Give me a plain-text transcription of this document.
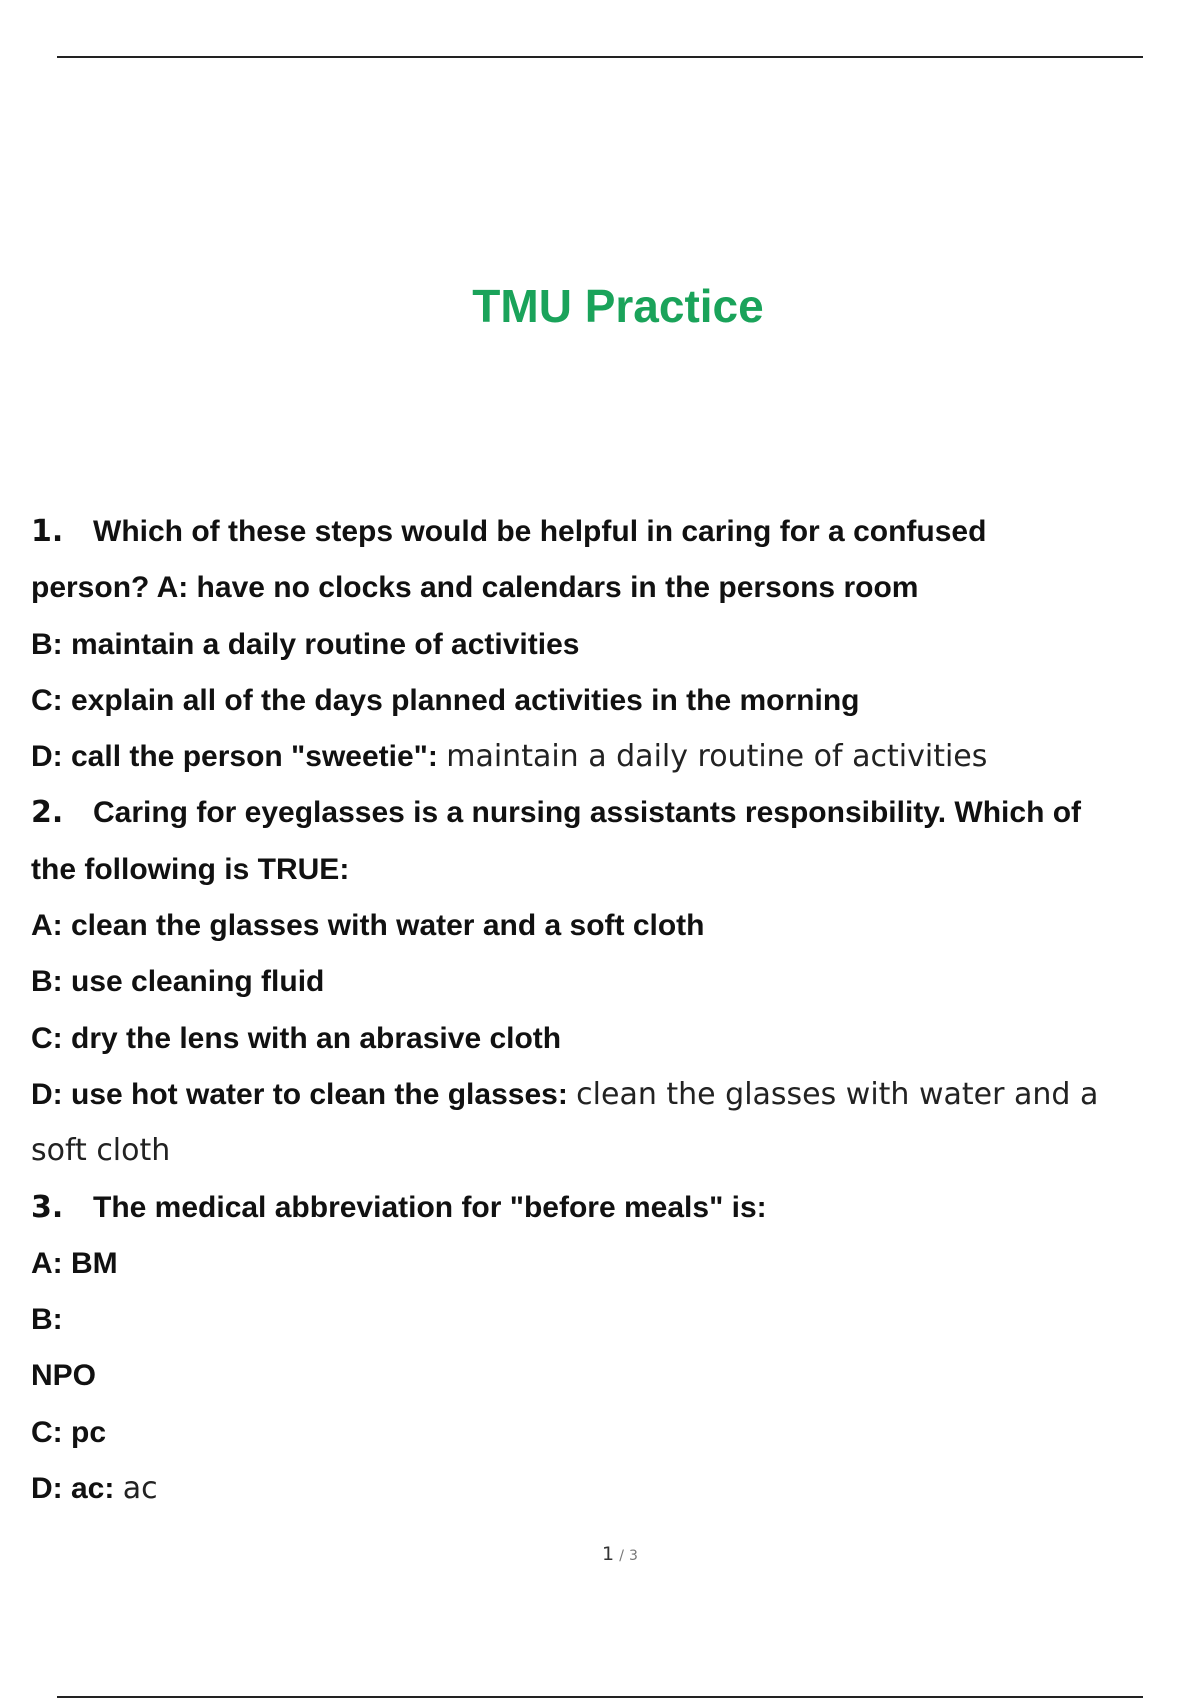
TMU Practice
1. Which of these steps would be helpful in caring for a confused
person? A: have no clocks and calendars in the persons room
B: maintain a daily routine of activities
C: explain all of the days planned activities in the morning
D: call the person "sweetie": maintain a daily routine of activities
2. Caring for eyeglasses is a nursing assistants responsibility. Which of
the following is TRUE:
A: clean the glasses with water and a soft cloth
B: use cleaning fluid
C: dry the lens with an abrasive cloth
D: use hot water to clean the glasses: clean the glasses with water and a
soft cloth
3. The medical abbreviation for "before meals" is:
A: BM
B:
NPO
C: pc
D: ac: ac
1 / 3
